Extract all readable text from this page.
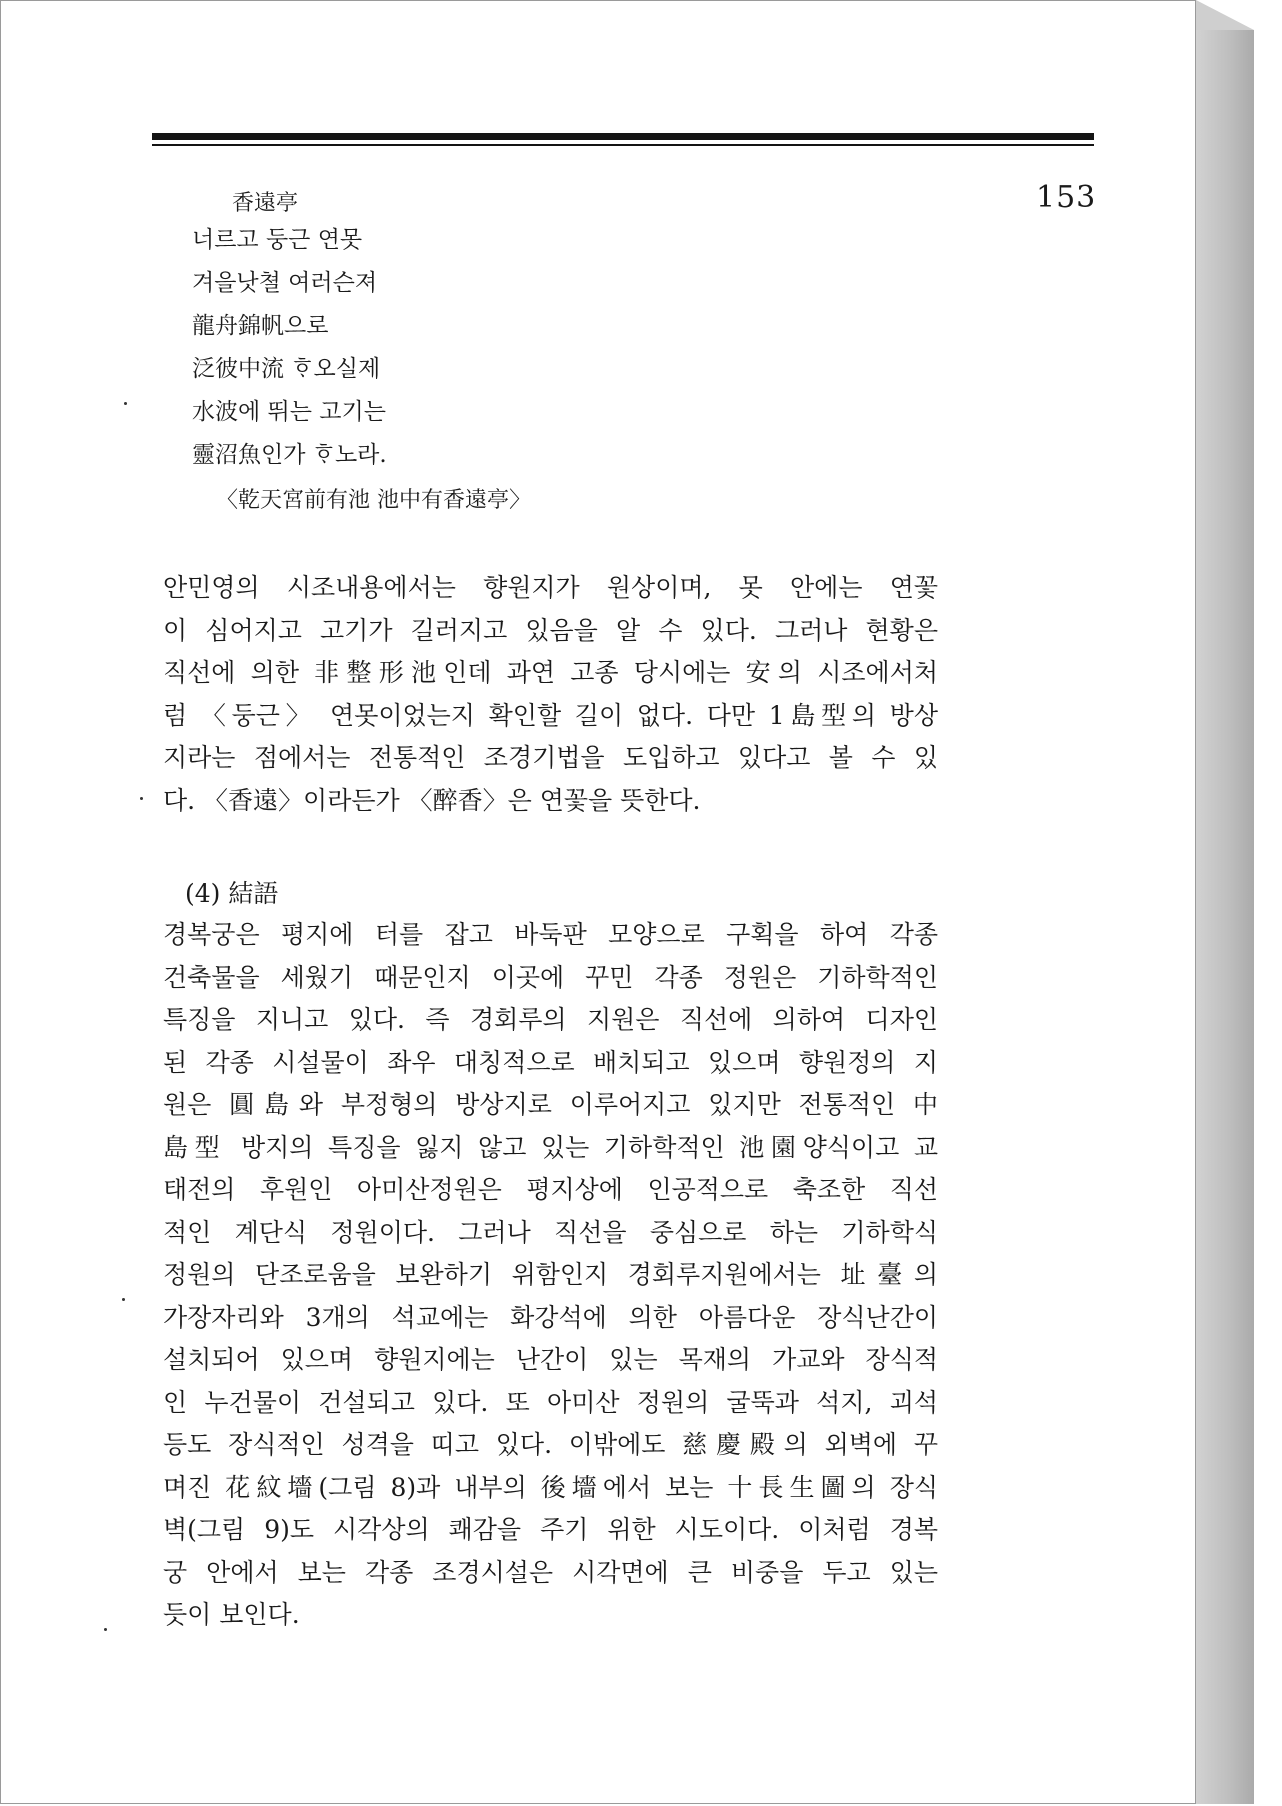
153
香遠亭
너르고 둥근 연못
겨을낫쳘 여러슨져
龍舟錦帆으로
泛彼中流 ᄒᆞ오실제
水波에 뛰는 고기는
靈沼魚인가 ᄒᆞ노라.
〈乾天宮前有池 池中有香遠亭〉

안민영의 시조내용에서는 향원지가 원상이며, 못 안에는 연꽃
이 심어지고 고기가 길러지고 있음을 알 수 있다. 그러나 현황은
직선에 의한 非整形池인데 과연 고종 당시에는 安의 시조에서처
럼 〈둥근〉 연못이었는지 확인할 길이 없다. 다만 1島型의 방상
지라는 점에서는 전통적인 조경기법을 도입하고 있다고 볼 수 있
다. 〈香遠〉이라든가 〈醉香〉은 연꽃을 뜻한다.

(4) 結語

경복궁은 평지에 터를 잡고 바둑판 모양으로 구획을 하여 각종
건축물을 세웠기 때문인지 이곳에 꾸민 각종 정원은 기하학적인
특징을 지니고 있다. 즉 경회루의 지원은 직선에 의하여 디자인
된 각종 시설물이 좌우 대칭적으로 배치되고 있으며 향원정의 지
원은 圓島와 부정형의 방상지로 이루어지고 있지만 전통적인 中
島型 방지의 특징을 잃지 않고 있는 기하학적인 池園양식이고 교
태전의 후원인 아미산정원은 평지상에 인공적으로 축조한 직선
적인 계단식 정원이다. 그러나 직선을 중심으로 하는 기하학식
정원의 단조로움을 보완하기 위함인지 경회루지원에서는 址臺의
가장자리와 3개의 석교에는 화강석에 의한 아름다운 장식난간이
설치되어 있으며 향원지에는 난간이 있는 목재의 가교와 장식적
인 누건물이 건설되고 있다. 또 아미산 정원의 굴뚝과 석지, 괴석
등도 장식적인 성격을 띠고 있다. 이밖에도 慈慶殿의 외벽에 꾸
며진 花紋墻(그림 8)과 내부의 後墻에서 보는 十長生圖의 장식
벽(그림 9)도 시각상의 쾌감을 주기 위한 시도이다. 이처럼 경복
궁 안에서 보는 각종 조경시설은 시각면에 큰 비중을 두고 있는
듯이 보인다.
